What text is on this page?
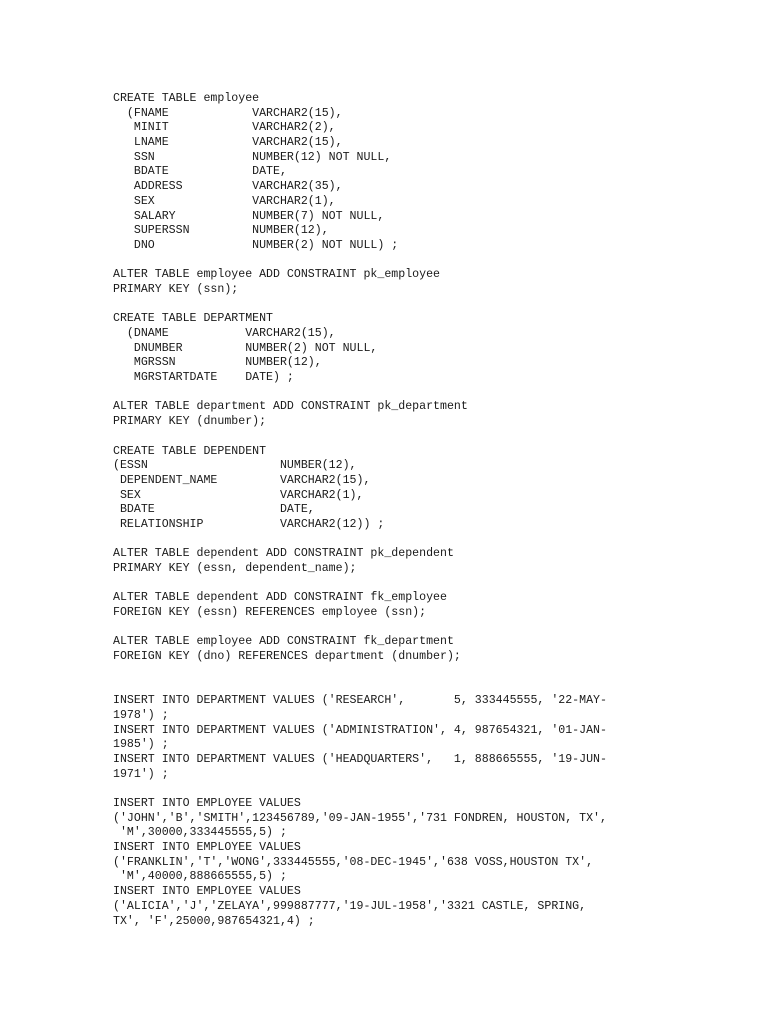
CREATE TABLE employee
(FNAME            VARCHAR2(15),
MINIT            VARCHAR2(2),
LNAME            VARCHAR2(15),
SSN              NUMBER(12) NOT NULL,
BDATE            DATE,
ADDRESS          VARCHAR2(35),
SEX              VARCHAR2(1),
SALARY           NUMBER(7) NOT NULL,
SUPERSSN         NUMBER(12),
DNO              NUMBER(2) NOT NULL) ;
ALTER TABLE employee ADD CONSTRAINT pk_employee
PRIMARY KEY (ssn);
CREATE TABLE DEPARTMENT
(DNAME           VARCHAR2(15),
DNUMBER         NUMBER(2) NOT NULL,
MGRSSN          NUMBER(12),
MGRSTARTDATE    DATE) ;
ALTER TABLE department ADD CONSTRAINT pk_department
PRIMARY KEY (dnumber);
CREATE TABLE DEPENDENT
(ESSN                   NUMBER(12),
DEPENDENT_NAME         VARCHAR2(15),
SEX                    VARCHAR2(1),
BDATE                  DATE,
RELATIONSHIP           VARCHAR2(12)) ;
ALTER TABLE dependent ADD CONSTRAINT pk_dependent
PRIMARY KEY (essn, dependent_name);
ALTER TABLE dependent ADD CONSTRAINT fk_employee
FOREIGN KEY (essn) REFERENCES employee (ssn);
ALTER TABLE employee ADD CONSTRAINT fk_department
FOREIGN KEY (dno) REFERENCES department (dnumber);
INSERT INTO DEPARTMENT VALUES ('RESEARCH',       5, 333445555, '22-MAY-
1978') ;
INSERT INTO DEPARTMENT VALUES ('ADMINISTRATION', 4, 987654321, '01-JAN-
1985') ;
INSERT INTO DEPARTMENT VALUES ('HEADQUARTERS',   1, 888665555, '19-JUN-
1971') ;
INSERT INTO EMPLOYEE VALUES
('JOHN','B','SMITH',123456789,'09-JAN-1955','731 FONDREN, HOUSTON, TX',
'M',30000,333445555,5) ;
INSERT INTO EMPLOYEE VALUES
('FRANKLIN','T','WONG',333445555,'08-DEC-1945','638 VOSS,HOUSTON TX',
'M',40000,888665555,5) ;
INSERT INTO EMPLOYEE VALUES
('ALICIA','J','ZELAYA',999887777,'19-JUL-1958','3321 CASTLE, SPRING,
TX', 'F',25000,987654321,4) ;
